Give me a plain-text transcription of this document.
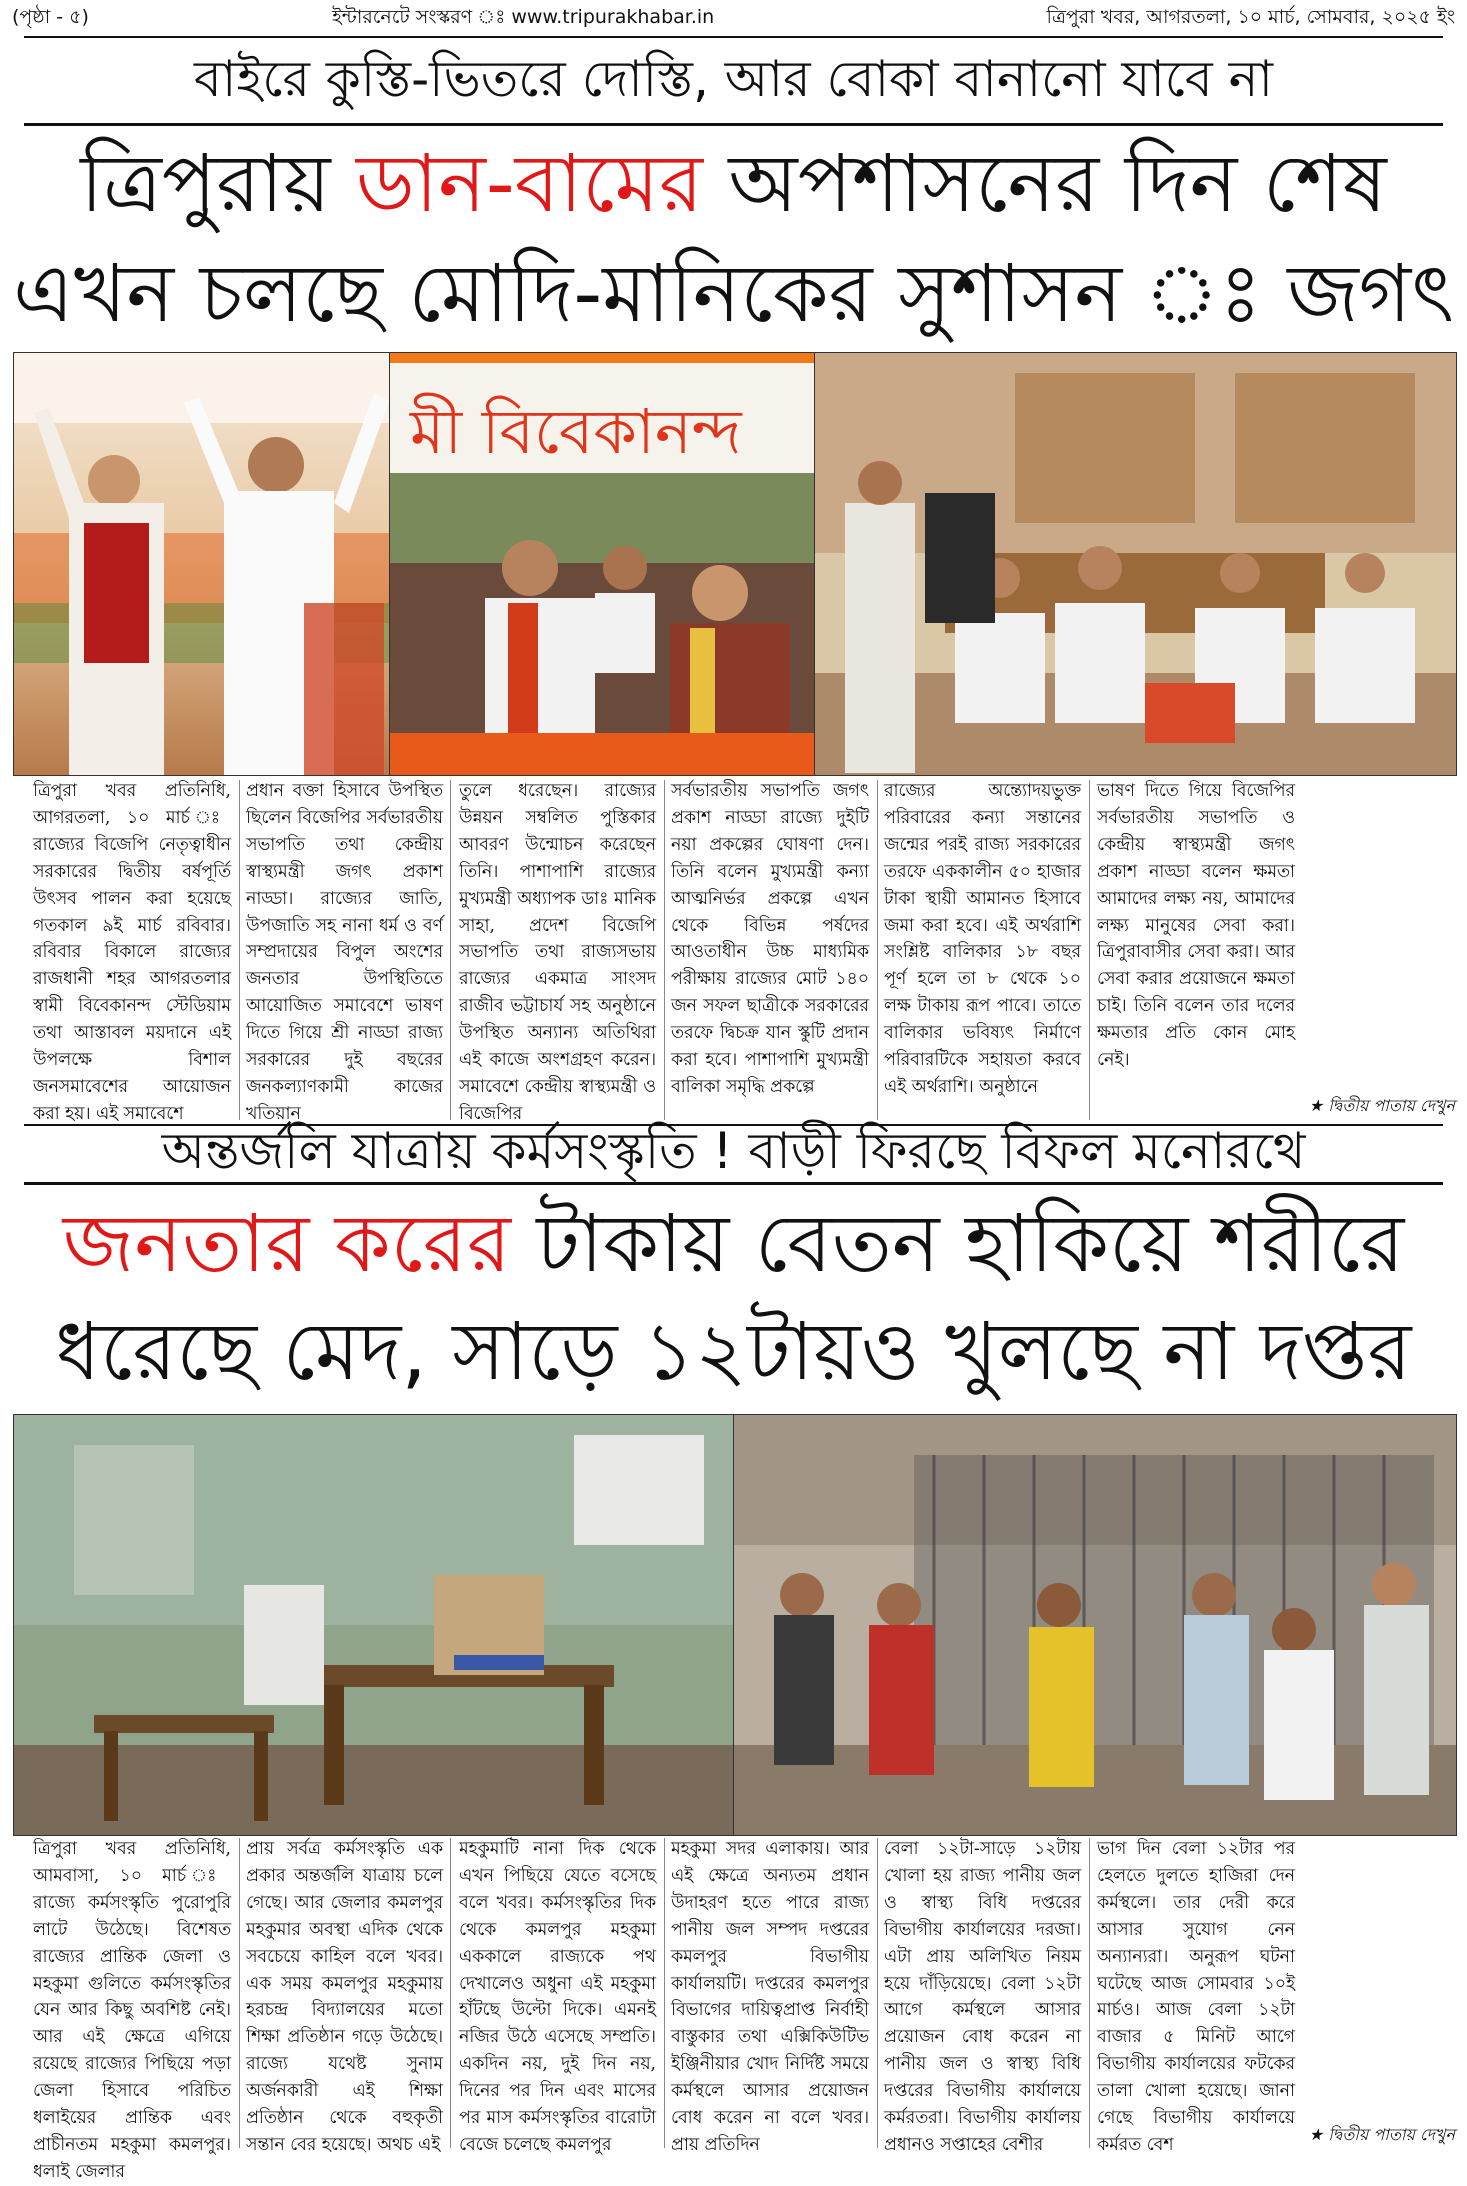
(পৃষ্ঠা - ৫)	ইন্টারনেটে সংস্করণ ঃ www.tripurakhabar.in	ত্রিপুরা খবর, আগরতলা, ১০ মার্চ, সোমবার, ২০২৫ ইং
বাইরে কুস্তি-ভিতরে দোস্তি, আর বোকা বানানো যাবে না
ত্রিপুরায় ডান-বামের অপশাসনের দিন শেষ
এখন চলছে মোদি-মানিকের সুশাসন ঃ জগৎ
মী বিবেকানন্দ
ত্রিপুরা খবর প্রতিনিধি, আগরতলা, ১০ মার্চ ঃ রাজ্যের বিজেপি নেতৃত্বাধীন সরকারের দ্বিতীয় বর্ষপূর্তি উৎসব পালন করা হয়েছে গতকাল ৯ই মার্চ রবিবার। রবিবার বিকালে রাজ্যের রাজধানী শহর আগরতলার স্বামী বিবেকানন্দ স্টেডিয়াম তথা আস্তাবল ময়দানে এই উপলক্ষে বিশাল জনসমাবেশের আয়োজন করা হয়। এই সমাবেশে
প্রধান বক্তা হিসাবে উপস্থিত ছিলেন বিজেপির সর্বভারতীয় সভাপতি তথা কেন্দ্রীয় স্বাস্থ্যমন্ত্রী জগৎ প্রকাশ নাড্ডা। রাজ্যের জাতি, উপজাতি সহ নানা ধর্ম ও বর্ণ সম্প্রদায়ের বিপুল অংশের জনতার উপস্থিতিতে আয়োজিত সমাবেশে ভাষণ দিতে গিয়ে শ্রী নাড্ডা রাজ্য সরকারের দুই বছরের জনকল্যাণকামী কাজের খতিয়ান
তুলে ধরেছেন। রাজ্যের উন্নয়ন সম্বলিত পুস্তিকার আবরণ উন্মোচন করেছেন তিনি। পাশাপাশি রাজ্যের মুখ্যমন্ত্রী অধ্যাপক ডাঃ মানিক সাহা, প্রদেশ বিজেপি সভাপতি তথা রাজ্যসভায় রাজ্যের একমাত্র সাংসদ রাজীব ভট্টাচার্য সহ অনুষ্ঠানে উপস্থিত অন্যান্য অতিথিরা এই কাজে অংশগ্রহণ করেন। সমাবেশে কেন্দ্রীয় স্বাস্থ্যমন্ত্রী ও বিজেপির
সর্বভারতীয় সভাপতি জগৎ প্রকাশ নাড্ডা রাজ্যে দুইটি নয়া প্রকল্পের ঘোষণা দেন। তিনি বলেন মুখ্যমন্ত্রী কন্যা আত্মনির্ভর প্রকল্পে এখন থেকে বিভিন্ন পর্ষদের আওতাধীন উচ্চ মাধ্যমিক পরীক্ষায় রাজ্যের মোট ১৪০ জন সফল ছাত্রীকে সরকারের তরফে দ্বিচক্র যান স্কুটি প্রদান করা হবে। পাশাপাশি মুখ্যমন্ত্রী বালিকা সমৃদ্ধি প্রকল্পে
রাজ্যের অন্ত্যোদয়ভুক্ত পরিবারের কন্যা সন্তানের জন্মের পরই রাজ্য সরকারের তরফে এককালীন ৫০ হাজার টাকা স্থায়ী আমানত হিসাবে জমা করা হবে। এই অর্থরাশি সংশ্লিষ্ট বালিকার ১৮ বছর পূর্ণ হলে তা ৮ থেকে ১০ লক্ষ টাকায় রূপ পাবে। তাতে বালিকার ভবিষ্যৎ নির্মাণে পরিবারটিকে সহায়তা করবে এই অর্থরাশি। অনুষ্ঠানে
ভাষণ দিতে গিয়ে বিজেপির সর্বভারতীয় সভাপতি ও কেন্দ্রীয় স্বাস্থ্যমন্ত্রী জগৎ প্রকাশ নাড্ডা বলেন ক্ষমতা আমাদের লক্ষ্য নয়, আমাদের লক্ষ্য মানুষের সেবা করা। ত্রিপুরাবাসীর সেবা করা। আর সেবা করার প্রয়োজনে ক্ষমতা চাই। তিনি বলেন তার দলের ক্ষমতার প্রতি কোন মোহ নেই।
★ দ্বিতীয় পাতায় দেখুন
অন্তর্জলি যাত্রায় কর্মসংস্কৃতি ! বাড়ী ফিরছে বিফল মনোরথে
জনতার করের টাকায় বেতন হাকিয়ে শরীরে
ধরেছে মেদ, সাড়ে ১২টায়ও খুলছে না দপ্তর
ত্রিপুরা খবর প্রতিনিধি, আমবাসা, ১০ মার্চ ঃ রাজ্যে কর্মসংস্কৃতি পুরোপুরি লাটে উঠেছে। বিশেষত রাজ্যের প্রান্তিক জেলা ও মহকুমা গুলিতে কর্মসংস্কৃতির যেন আর কিছু অবশিষ্ট নেই। আর এই ক্ষেত্রে এগিয়ে রয়েছে রাজ্যের পিছিয়ে পড়া জেলা হিসাবে পরিচিত ধলাইয়ের প্রান্তিক এবং প্রাচীনতম মহকুমা কমলপুর। ধলাই জেলার
প্রায় সর্বত্র কর্মসংস্কৃতি এক প্রকার অন্তর্জলি যাত্রায় চলে গেছে। আর জেলার কমলপুর মহকুমার অবস্থা এদিক থেকে সবচেয়ে কাহিল বলে খবর। এক সময় কমলপুর মহকুমায় হরচন্দ্র বিদ্যালয়ের মতো শিক্ষা প্রতিষ্ঠান গড়ে উঠেছে। রাজ্যে যথেষ্ট সুনাম অর্জনকারী এই শিক্ষা প্রতিষ্ঠান থেকে বহুকৃতী সন্তান বের হয়েছে। অথচ এই
মহকুমাটি নানা দিক থেকে এখন পিছিয়ে যেতে বসেছে বলে খবর। কর্মসংস্কৃতির দিক থেকে কমলপুর মহকুমা এককালে রাজ্যকে পথ দেখালেও অধুনা এই মহকুমা হাঁটছে উল্টো দিকে। এমনই নজির উঠে এসেছে সম্প্রতি। একদিন নয়, দুই দিন নয়, দিনের পর দিন এবং মাসের পর মাস কর্মসংস্কৃতির বারোটা বেজে চলেছে কমলপুর
মহকুমা সদর এলাকায়। আর এই ক্ষেত্রে অন্যতম প্রধান উদাহরণ হতে পারে রাজ্য পানীয় জল সম্পদ দপ্তরের কমলপুর বিভাগীয় কার্যালয়টি। দপ্তরের কমলপুর বিভাগের দায়িত্বপ্রাপ্ত নির্বাহী বাস্তুকার তথা এক্সিকিউটিভ ইঞ্জিনীয়ার খোদ নির্দিষ্ট সময়ে কর্মস্থলে আসার প্রয়োজন বোধ করেন না বলে খবর। প্রায় প্রতিদিন
বেলা ১২টা-সাড়ে ১২টায় খোলা হয় রাজ্য পানীয় জল ও স্বাস্থ্য বিধি দপ্তরের বিভাগীয় কার্যালয়ের দরজা। এটা প্রায় অলিখিত নিয়ম হয়ে দাঁড়িয়েছে। বেলা ১২টা আগে কর্মস্থলে আসার প্রয়োজন বোধ করেন না পানীয় জল ও স্বাস্থ্য বিধি দপ্তরের বিভাগীয় কার্যালয়ে কর্মরতরা। বিভাগীয় কার্যালয় প্রধানও সপ্তাহের বেশীর
ভাগ দিন বেলা ১২টার পর হেলতে দুলতে হাজিরা দেন কর্মস্থলে। তার দেরী করে আসার সুযোগ নেন অন্যান্যরা। অনুরূপ ঘটনা ঘটেছে আজ সোমবার ১০ই মার্চও। আজ বেলা ১২টা বাজার ৫ মিনিট আগে বিভাগীয় কার্যালয়ের ফটকের তালা খোলা হয়েছে। জানা গেছে বিভাগীয় কার্যালয়ে কর্মরত বেশ
★ দ্বিতীয় পাতায় দেখুন
